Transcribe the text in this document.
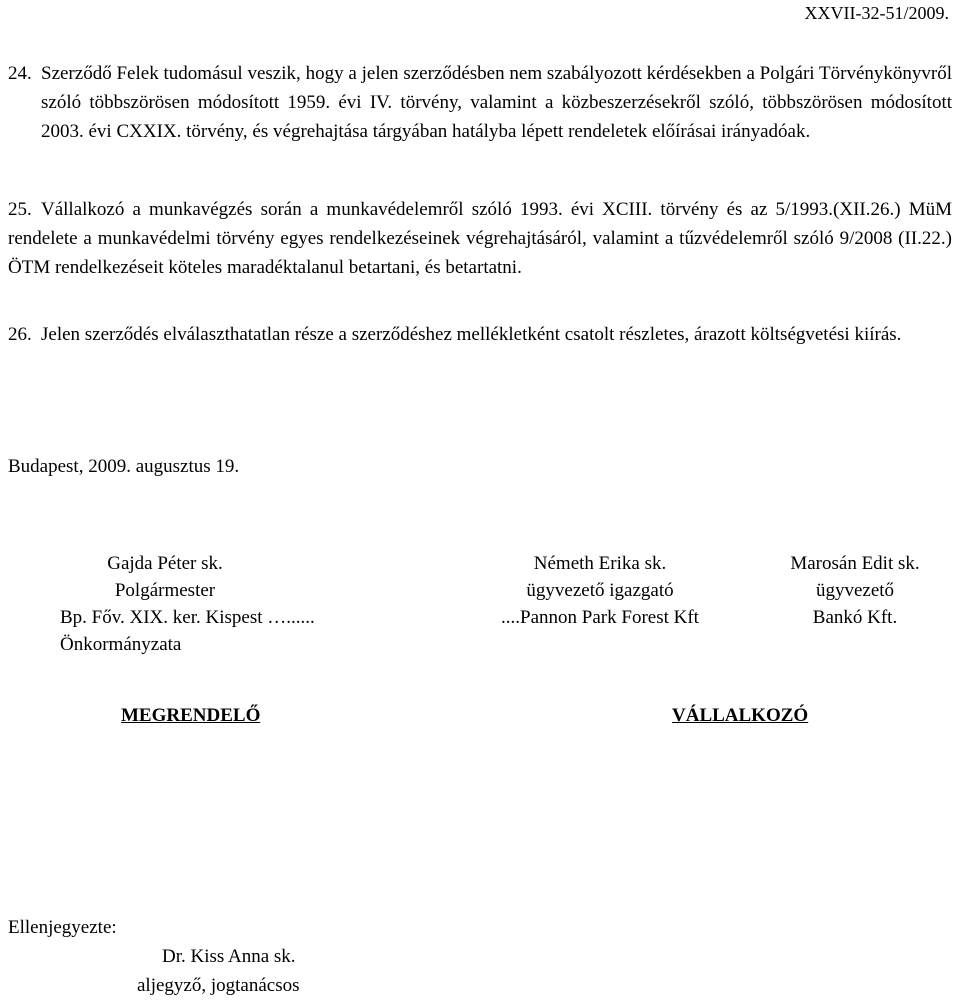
XXVII-32-51/2009.
24. Szerződő Felek tudomásul veszik, hogy a jelen szerződésben nem szabályozott kérdésekben a Polgári Törvénykönyvről szóló többszörösen módosított 1959. évi IV. törvény, valamint a közbeszerzésekről szóló, többszörösen módosított 2003. évi CXXIX. törvény, és végrehajtása tárgyában hatályba lépett rendeletek előírásai irányadóak.
25. Vállalkozó a munkavégzés során a munkavédelemről szóló 1993. évi XCIII. törvény és az 5/1993.(XII.26.) MüM rendelete a munkavédelmi törvény egyes rendelkezéseinek végrehajtásáról, valamint a tűzvédelemről szóló 9/2008 (II.22.) ÖTM rendelkezéseit köteles maradéktalanul betartani, és betartatni.
26. Jelen szerződés elválaszthatatlan része a szerződéshez mellékletként csatolt részletes, árazott költségvetési kiírás.
Budapest, 2009. augusztus 19.
Gajda Péter sk.
Polgármester
Bp. Főv. XIX. ker. Kispest …......
Önkormányzata
Németh Erika sk.
ügyvezető igazgató
....Pannon Park Forest Kft
Marosán Edit sk.
ügyvezető
Bankó Kft.
MEGRENDELŐ	VÁLLALKOZÓ
Ellenjegyezte:
Dr. Kiss Anna sk.
aljegyző, jogtanácsos
